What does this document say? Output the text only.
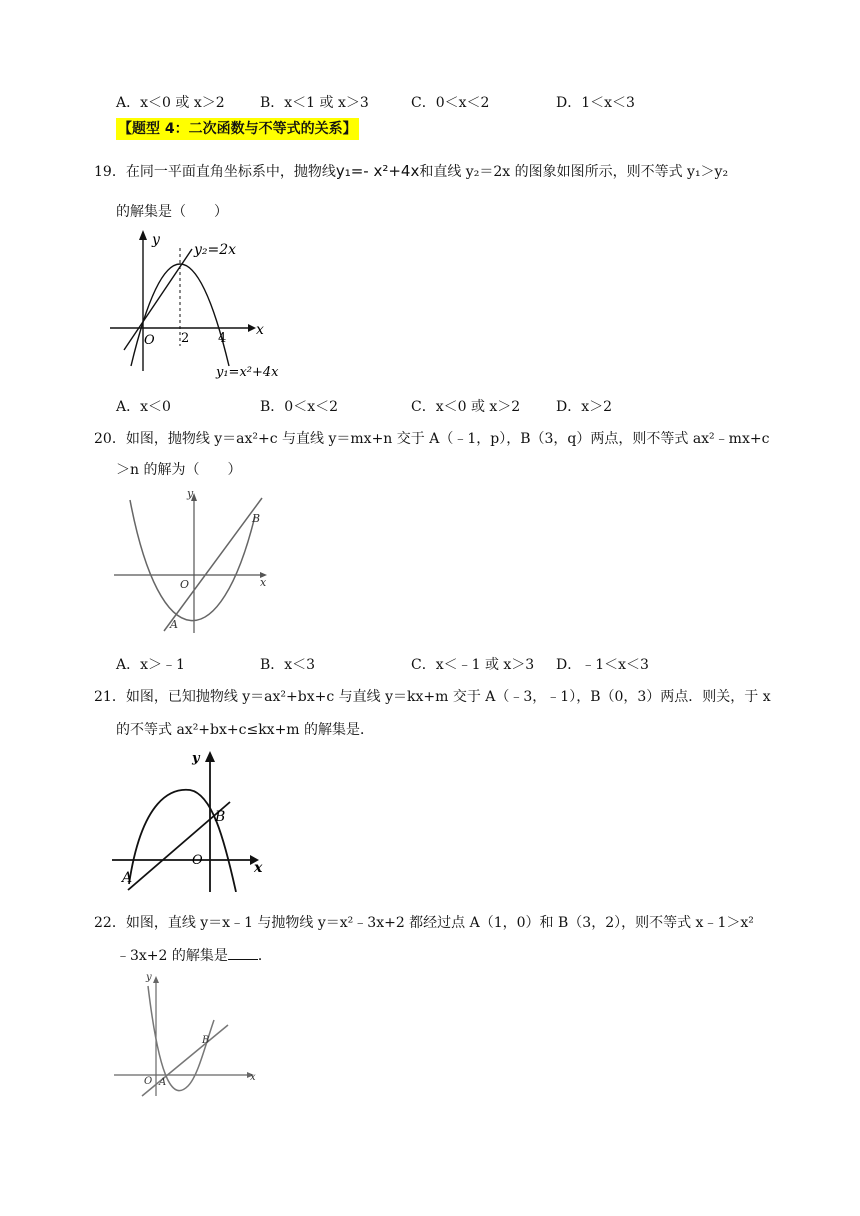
A．x＜0 或 x＞2	B．x＜1 或 x＞3	C．0＜x＜2	D．1＜x＜3
【题型 4：二次函数与不等式的关系】
19．在同一平面直角坐标系中，抛物线y₁=- x²+4x和直线 y₂＝2x 的图象如图所示，则不等式 y₁＞y₂
的解集是（　　）
y
x
O 2 4
y₂=2x
y₁=x²+4x
A．x＜0	B．0＜x＜2	C．x＜0 或 x＞2	D．x＞2
20．如图，抛物线 y＝ax²+c 与直线 y＝mx+n 交于 A（﹣1，p），B（3，q）两点，则不等式 ax²﹣mx+c
＞n 的解为（　　）
y
x
O
A
B
A．x＞﹣1	B．x＜3	C．x＜﹣1 或 x＞3 D．﹣1＜x＜3
21．如图，已知抛物线 y＝ax²+bx+c 与直线 y＝kx+m 交于 A（﹣3，﹣1），B（0，3）两点．则关，于 x
的不等式 ax²+bx+c≤kx+m 的解集是．
y
x
O
A
B
22．如图，直线 y＝x﹣1 与抛物线 y＝x²﹣3x+2 都经过点 A（1，0）和 B（3，2），则不等式 x﹣1＞x²
﹣3x+2 的解集是 ．
y
x
O A
B
